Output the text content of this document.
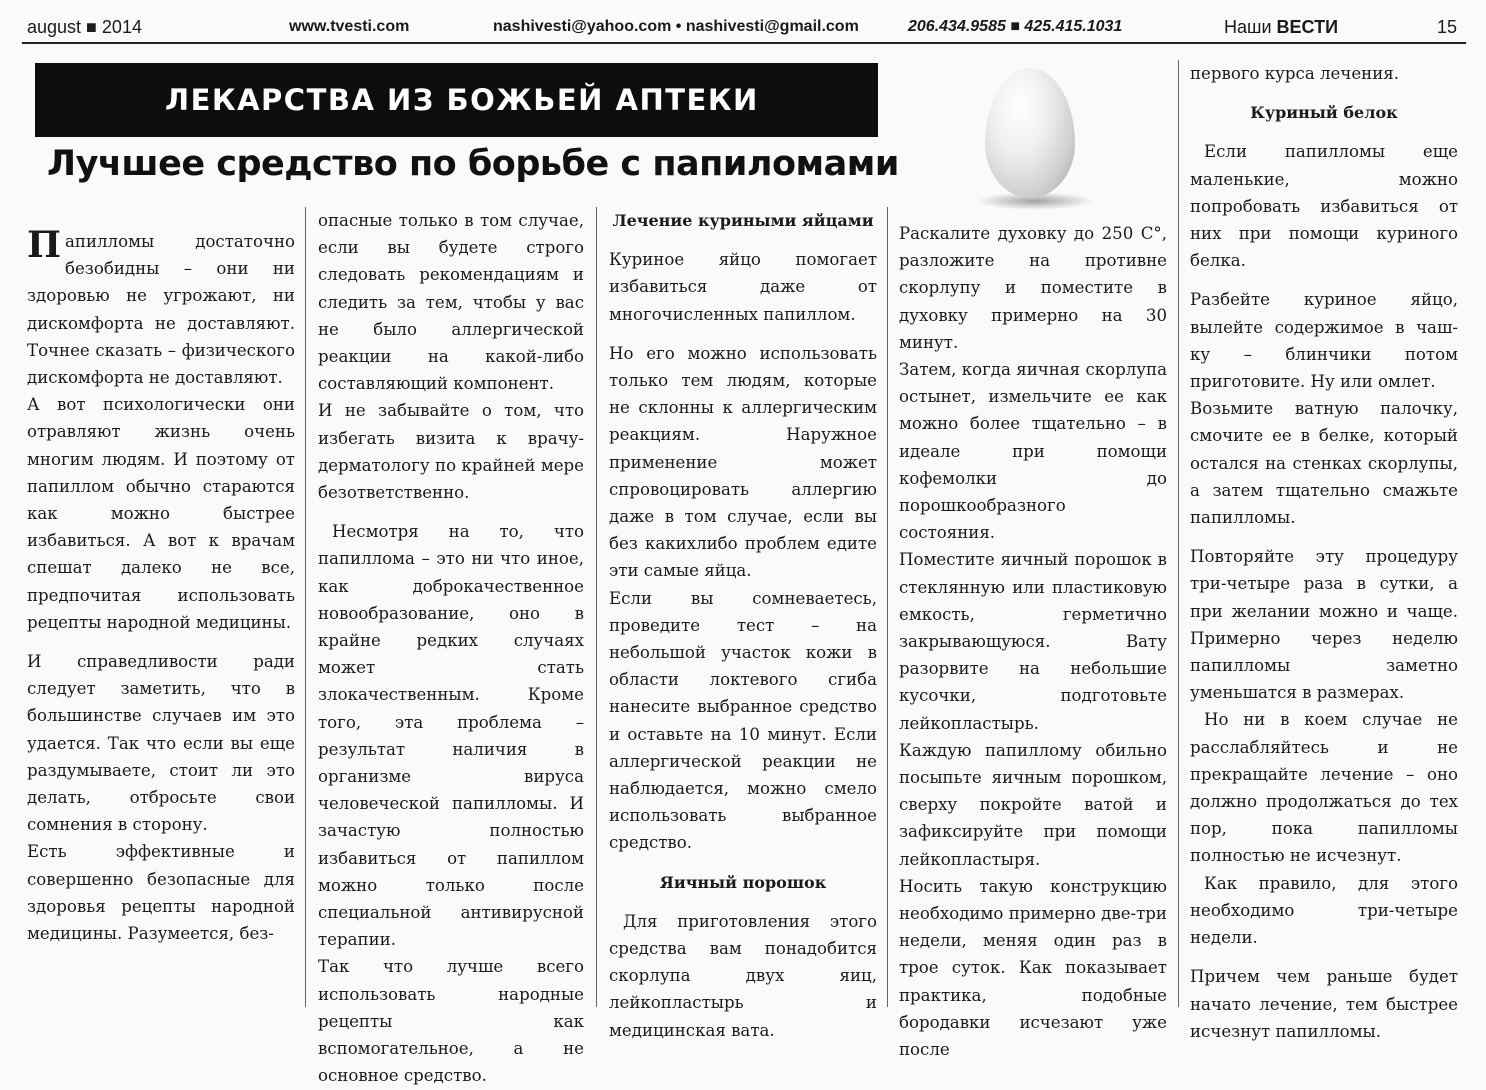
august ■ 2014	www.tvesti.com	nashivesti@yahoo.com • nashivesti@gmail.com	206.434.9585 ■ 425.415.1031	Наши ВЕСТИ	15
ЛЕКАРСТВА ИЗ БОЖЬЕЙ АПТЕКИ
Лучшее средство по борьбе с папиломами

Папилломы достаточно безобидны – они ни здоровью не угрожают, ни дискомфорта не доставляют. Точнее сказать – физического дискомфорта не доставляют.

А вот психологически они отравляют жизнь очень многим людям. И поэтому от папиллом обычно стараются как можно быстрее избавиться. А вот к врачам спешат далеко не все, предпочитая использовать рецепты народной медицины.

И справедливости ради следует заметить, что в большинстве случаев им это удается. Так что если вы еще раздумываете, стоит ли это делать, отбросьте свои сомнения в сторону.

Есть эффективные и совершенно безопасные для здоровья рецепты народной медицины. Разумеется, без-

опасные только в том случае, если вы будете строго следовать рекомендациям и следить за тем, чтобы у вас не было аллергической реакции на какой-либо составляющий компонент.

И не забывайте о том, что избегать визита к врачу-дерматологу по крайней мере безответственно.

Несмотря на то, что папиллома – это ни что иное, как доброкачественное новообразование, оно в крайне редких случаях может стать злокачественным. Кроме того, эта проблема – результат наличия в организме вируса человеческой папилломы. И зачастую полностью избавиться от папиллом можно только после специальной антивирусной терапии.

Так что лучше всего использовать народные рецепты как вспомогательное, а не основное средство.

Лечение куриными яйцами

Куриное яйцо помогает избавиться даже от многочисленных папиллом.

Но его можно использовать только тем людям, которые не склонны к аллергическим реакциям. Наружное применение может спровоцировать аллергию даже в том случае, если вы без какихлибо проблем едите эти самые яйца.

Если вы сомневаетесь, проведите тест – на небольшой участок кожи в области локтевого сгиба нанесите выбранное средство и оставьте на 10 минут. Если аллергической реакции не наблюдается, можно смело использовать выбранное средство.

Яичный порошок

Для приготовления этого средства вам понадобится скорлупа двух яиц, лейкопластырь и медицинская вата.

Раскалите духовку до 250 С°, разложите на противне скорлупу и поместите в духовку примерно на 30 минут.

Затем, когда яичная скорлупа остынет, измельчите ее как можно более тщательно – в идеале при помощи кофемолки до порошкообразного состояния.

Поместите яичный порошок в стеклянную или пластиковую емкость, герметично закрывающуюся. Вату разорвите на небольшие кусочки, подготовьте лейкопластырь.

Каждую папиллому обильно посыпьте яичным порошком, сверху покройте ватой и зафиксируйте при помощи лейкопластыря.

Носить такую конструкцию необходимо примерно двe-три недели, меняя один раз в трое суток. Как показывает практика, подобные бородавки исчезают уже после

первого курса лечения.

Куриный белок

Если папилломы еще маленькие, можно попробовать избавиться от них при помощи куриного белка.

Разбейте куриное яйцо, вылейте содержимое в чаш-ку – блинчики потом приготовите. Ну или омлет.

Возьмите ватную палочку, смочите ее в белке, который остался на стенках скорлупы, а затем тщательно смажьте папилломы.

Повторяйте эту процедуру три-четыре раза в сутки, а при желании можно и чаще. Примерно через неделю папилломы заметно уменьшатся в размерах.

Но ни в коем случае не расслабляйтесь и не прекращайте лечение – оно должно продолжаться до тех пор, пока папилломы полностью не исчезнут.

Как правило, для этого необходимо три-четыре недели.

Причем чем раньше будет начато лечение, тем быстрее исчезнут папилломы.
